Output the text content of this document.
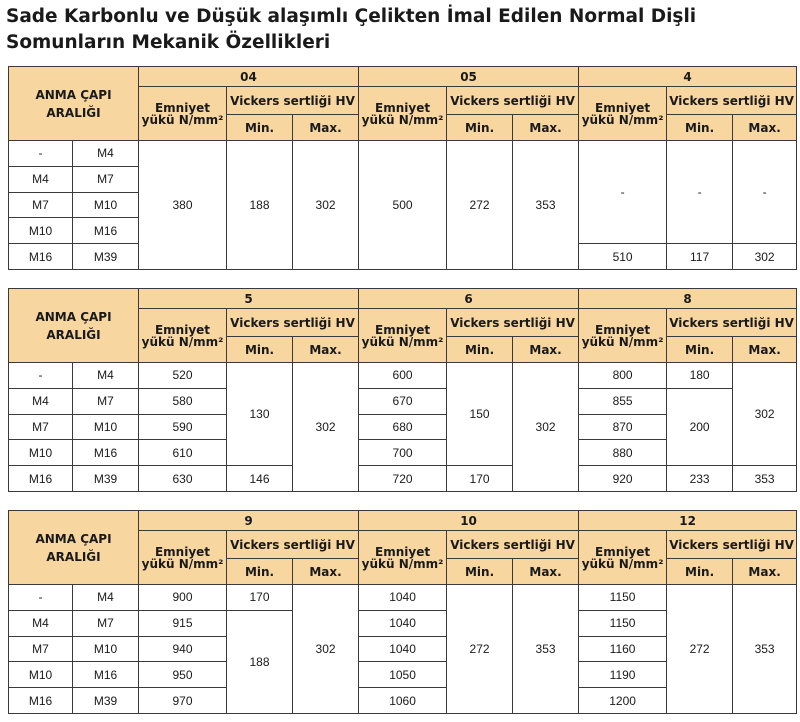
Sade Karbonlu ve Düşük alaşımlı Çelikten İmal Edilen Normal Dişli
Somunların Mekanik Özellikleri
ANMA ÇAPI ARALIĞI		04			05			4		
		Emniyet yükü N/mm²	Vickers sertliği HV		Emniyet yükü N/mm²	Vickers sertliği HV		Emniyet yükü N/mm²	Vickers sertliği HV	
			Min.	Max.		Min.	Max.		Min.	Max.
-	M4	380	188	302	500	272	353	-	-	-
M4	M7									
M7	M10									
M10	M16									
M16	M39							510	117	302
ANMA ÇAPI ARALIĞI		5			6			8		
		Emniyet yükü N/mm²	Vickers sertliği HV		Emniyet yükü N/mm²	Vickers sertliği HV		Emniyet yükü N/mm²	Vickers sertliği HV	
			Min.	Max.		Min.	Max.		Min.	Max.
-	M4	520	130	302	600	150	302	800	180	302
M4	M7	580			670			855	200	
M7	M10	590			680			870		
M10	M16	610			700			880		
M16	M39	630	146		720	170		920	233	353
ANMA ÇAPI ARALIĞI		9			10			12		
		Emniyet yükü N/mm²	Vickers sertliği HV		Emniyet yükü N/mm²	Vickers sertliği HV		Emniyet yükü N/mm²	Vickers sertliği HV	
			Min.	Max.		Min.	Max.		Min.	Max.
-	M4	900	170	302	1040	272	353	1150	272	353
M4	M7	915	188		1040			1150		
M7	M10	940			1040			1160		
M10	M16	950			1050			1190		
M16	M39	970			1060			1200		
